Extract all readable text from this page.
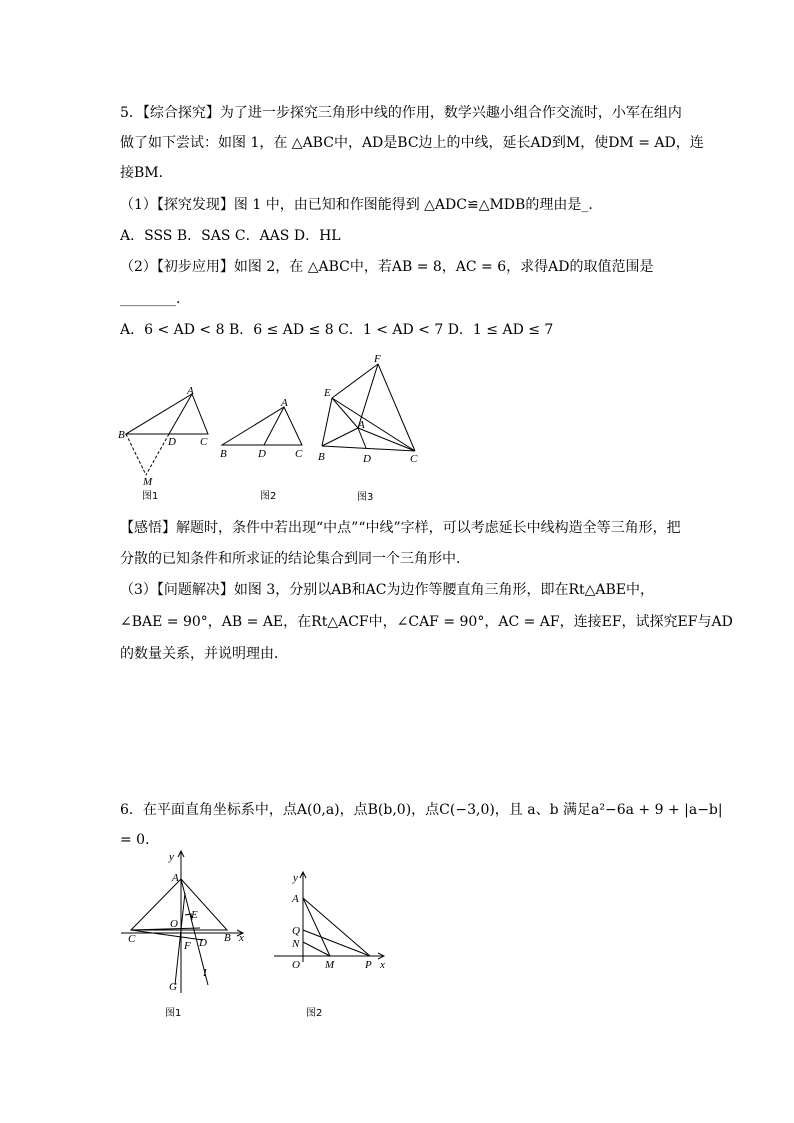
5．【综合探究】为了进一步探究三角形中线的作用，数学兴趣小组合作交流时，小军在组内
做了如下尝试：如图 1，在 △ABC中，AD是BC边上的中线，延长AD到M，使DM = AD，连
接BM．
（1）【探究发现】图 1 中，由已知和作图能得到 △ADC≌△MDB的理由是_．
A．SSS B．SAS C．AAS D．HL
（2）【初步应用】如图 2，在 △ABC中，若AB = 8，AC = 6，求得AD的取值范围是
________．
A．6 < AD < 8 B．6 ≤ AD ≤ 8 C．1 < AD < 7 D．1 ≤ AD ≤ 7
A
B
D C
M
图1
A
B	D	C
图2
F
E
A
B	D	C
图3
【感悟】解题时，条件中若出现“中点”“中线”字样，可以考虑延长中线构造全等三角形，把
分散的已知条件和所求证的结论集合到同一个三角形中．
（3）【问题解决】如图 3，分别以AB和AC为边作等腰直角三角形，即在Rt△ABE中，
∠BAE = 90°，AB = AE，在Rt△ACF中，∠CAF = 90°，AC = AF，连接EF，试探究EF与AD
的数量关系，并说明理由．
6．在平面直角坐标系中，点A(0,a)，点B(b,0)，点C(−3,0)，且 a、b 满足a²−6a + 9 + |a−b|
= 0．
y
A
E
O
C	B x
F D
I
G
图1
y
A
Q
N
O M	P x
图2
